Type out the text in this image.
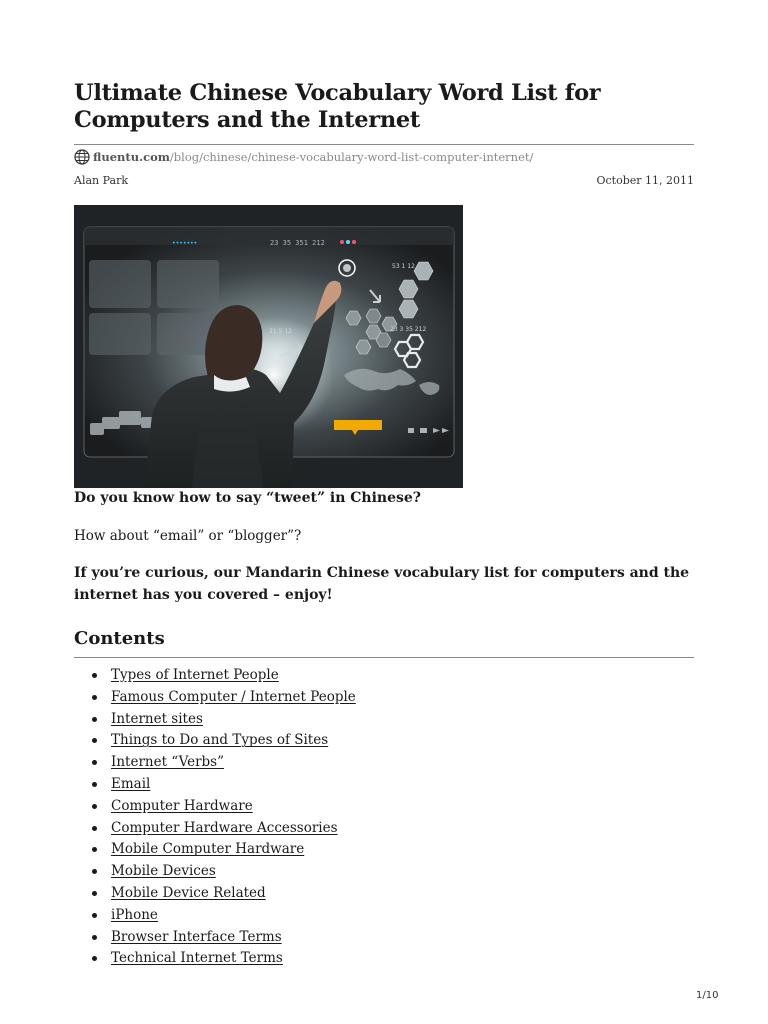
Ultimate Chinese Vocabulary Word List for
Computers and the Internet
fluentu.com /blog/chinese/chinese-vocabulary-word-list-computer-internet/
Alan Park	October 11, 2011
•••••••	23 35 351 212
53 1 12
23 3 35 212
Do you know how to say “tweet” in Chinese?
How about “email” or “blogger”?
If you’re curious, our Mandarin Chinese vocabulary list for computers and the internet has you covered – enjoy!
Contents
Types of Internet People
Famous Computer / Internet People
Internet sites
Things to Do and Types of Sites
Internet “Verbs”
Email
Computer Hardware
Computer Hardware Accessories
Mobile Computer Hardware
Mobile Devices
Mobile Device Related
iPhone
Browser Interface Terms
Technical Internet Terms
1/10
